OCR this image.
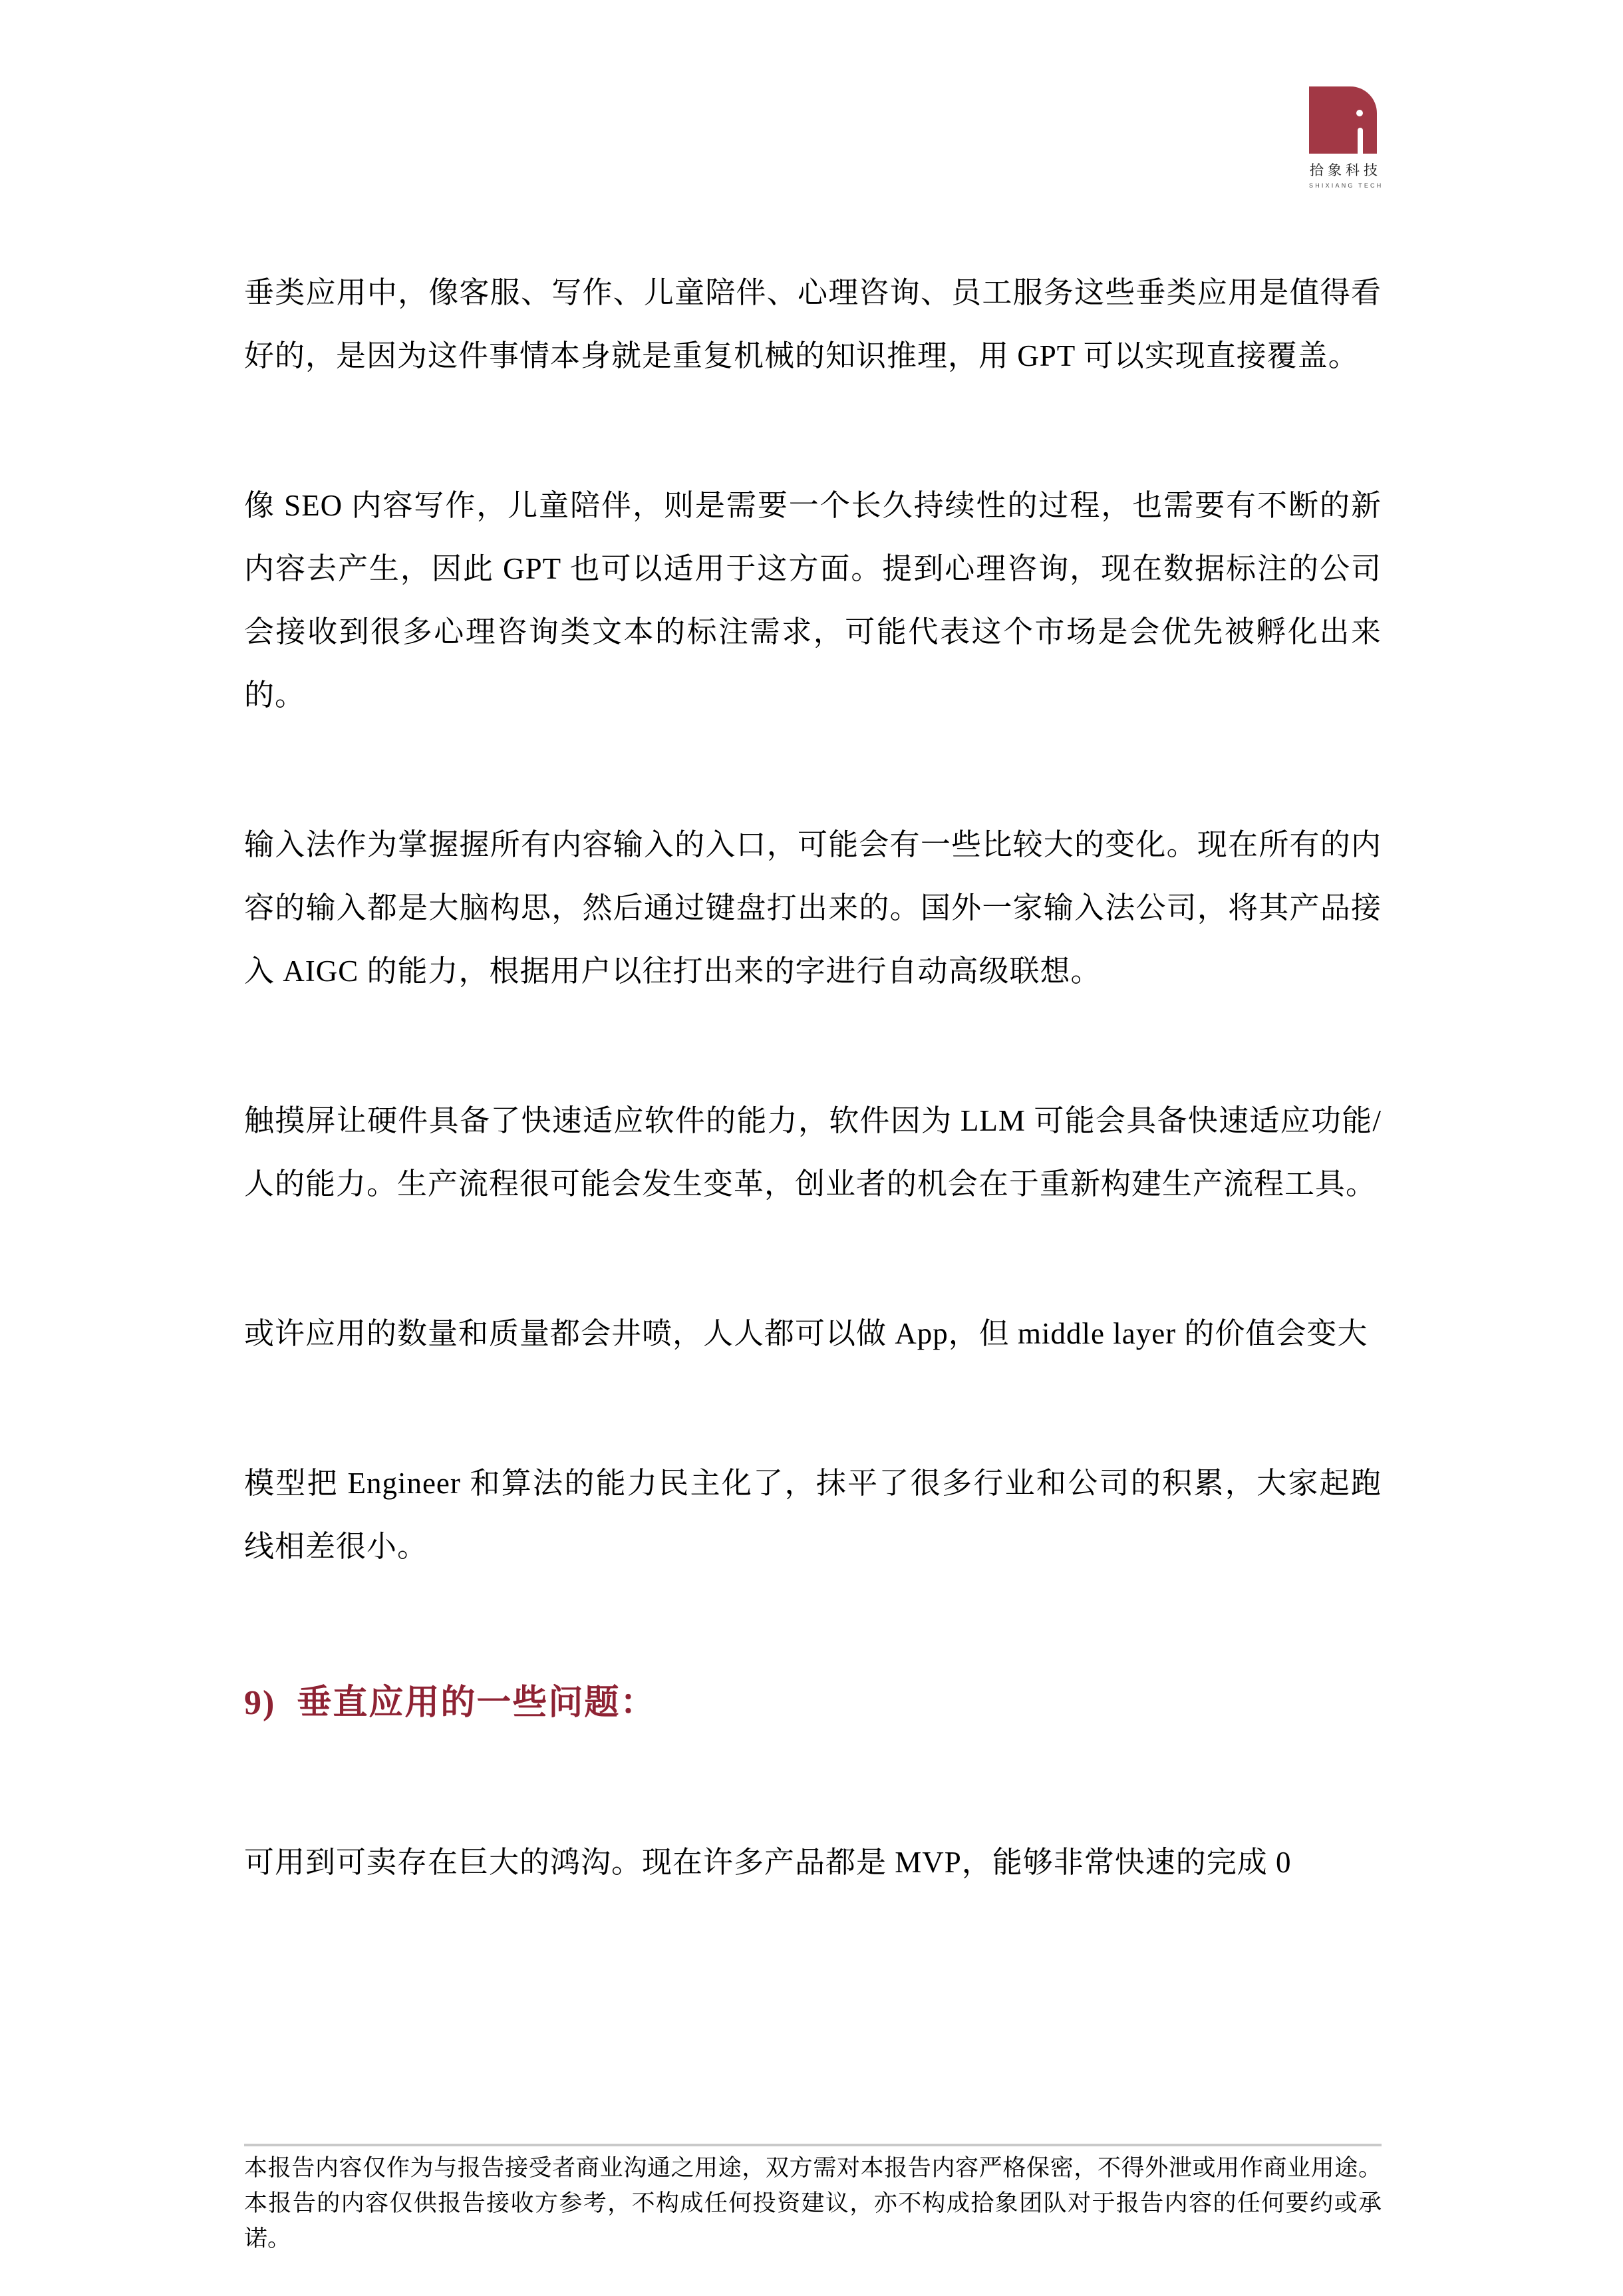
拾象科技
SHIXIANG TECH

垂类应用中，像客服、写作、儿童陪伴、心理咨询、员工服务这些垂类应用是值得看好的，是因为这件事情本身就是重复机械的知识推理，用 GPT 可以实现直接覆盖。

像 SEO 内容写作，儿童陪伴，则是需要一个长久持续性的过程，也需要有不断的新内容去产生，因此 GPT 也可以适用于这方面。提到心理咨询，现在数据标注的公司会接收到很多心理咨询类文本的标注需求，可能代表这个市场是会优先被孵化出来的。

输入法作为掌握握所有内容输入的入口，可能会有一些比较大的变化。现在所有的内容的输入都是大脑构思，然后通过键盘打出来的。国外一家输入法公司，将其产品接入 AIGC 的能力，根据用户以往打出来的字进行自动高级联想。

触摸屏让硬件具备了快速适应软件的能力，软件因为 LLM 可能会具备快速适应功能/人的能力。生产流程很可能会发生变革，创业者的机会在于重新构建生产流程工具。

或许应用的数量和质量都会井喷，人人都可以做 App，但 middle layer 的价值会变大

模型把 Engineer 和算法的能力民主化了，抹平了很多行业和公司的积累，大家起跑线相差很小。

9) 垂直应用的一些问题：

可用到可卖存在巨大的鸿沟。现在许多产品都是 MVP，能够非常快速的完成 0

本报告内容仅作为与报告接受者商业沟通之用途，双方需对本报告内容严格保密，不得外泄或用作商业用途。本报告的内容仅供报告接收方参考，不构成任何投资建议，亦不构成拾象团队对于报告内容的任何要约或承诺。
